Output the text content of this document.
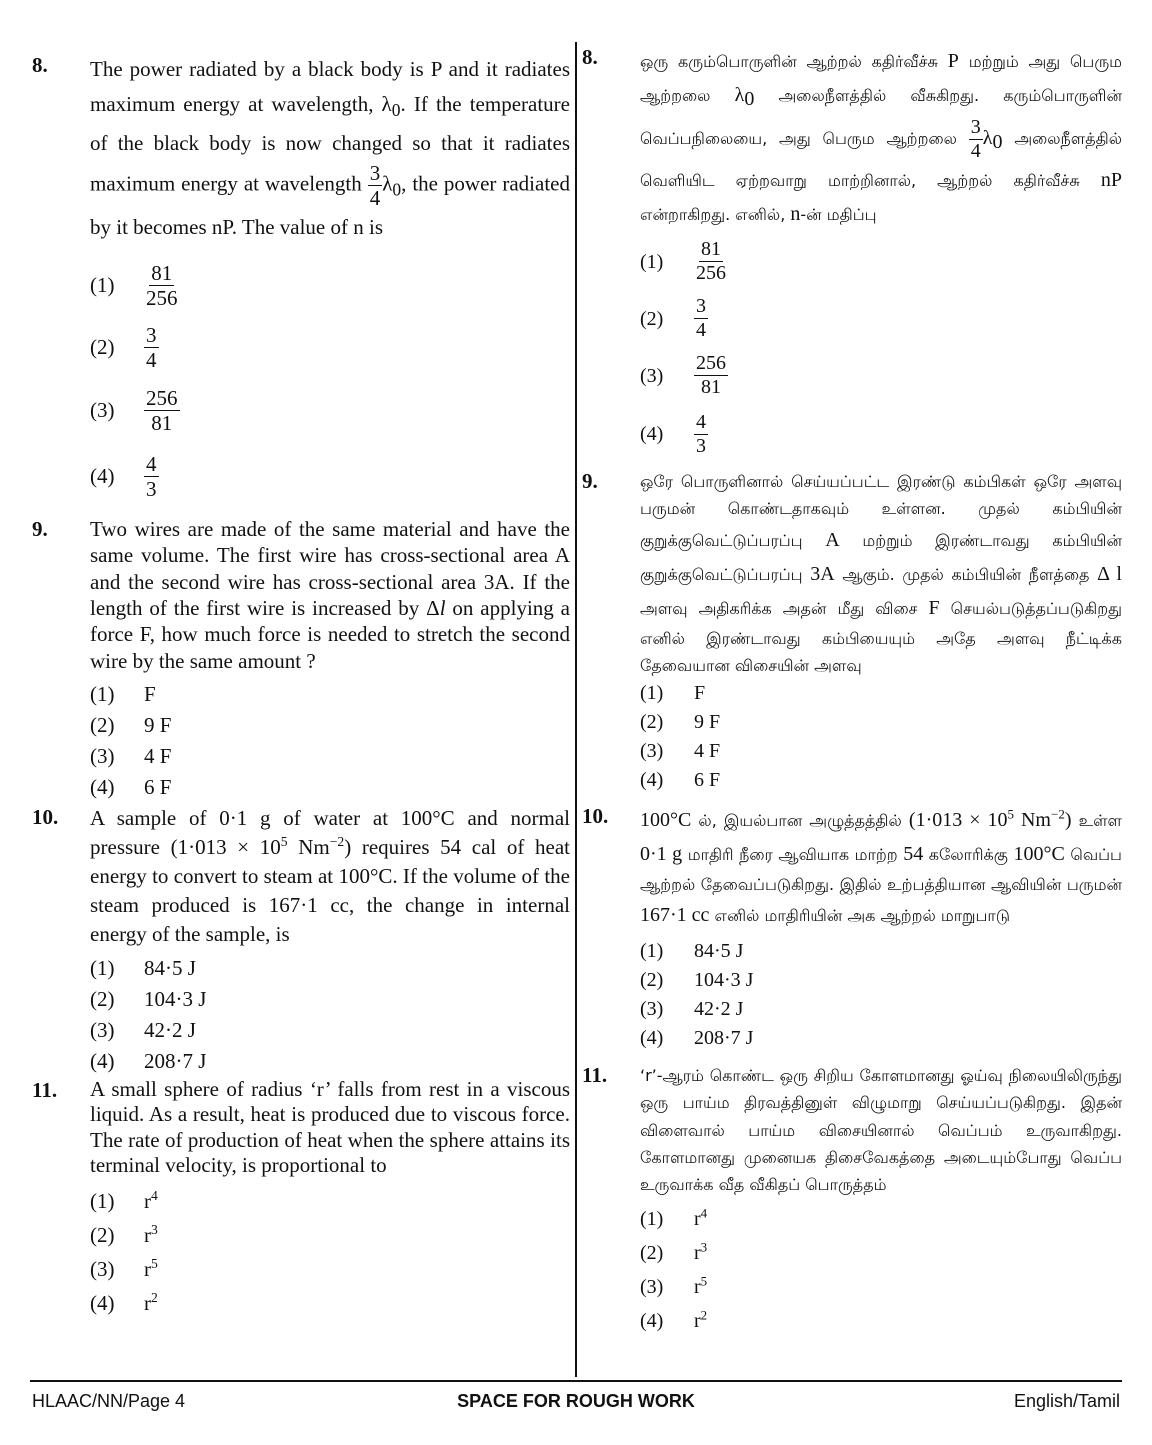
8.	The power radiated by a black body is P and it radiates maximum energy at wavelength, $\lambda_0$. If the temperature of the black body is now changed so that it radiates maximum energy at wavelength $\frac{3}{4} \lambda_0$, the power radiated by it becomes nP. The value of n is
(1)	$\frac{81}{256}$
(2)	$\frac{3}{4}$
(3)	$\frac{256}{81}$
(4)	$\frac{4}{3}$
9.	Two wires are made of the same material and have the same volume. The first wire has cross-sectional area A and the second wire has cross-sectional area 3A. If the length of the first wire is increased by Δl on applying a force F, how much force is needed to stretch the second wire by the same amount ?
(1)	F
(2)	9 F
(3)	4 F
(4)	6 F
10.	A sample of 0·1 g of water at 100°C and normal pressure ($1\cdot 013 \times 10^5$ $Nm^{-2}$) requires 54 cal of heat energy to convert to steam at 100°C. If the volume of the steam produced is 167·1 cc, the change in internal energy of the sample, is
(1)	84·5 J
(2)	104·3 J
(3)	42·2 J
(4)	208·7 J
11.	A small sphere of radius ‘r’ falls from rest in a viscous liquid. As a result, heat is produced due to viscous force. The rate of production of heat when the sphere attains its terminal velocity, is proportional to
(1)	$r^4$
(2)	$r^3$
(3)	$r^5$
(4)	$r^2$
8.	ஒரு கரும்பொருளின் ஆற்றல் கதிர்வீச்சு P மற்றும் அது பெரும ஆற்றலை $\lambda_0$ அலைநீளத்தில் வீசுகிறது. கரும்பொருளின் வெப்பநிலையை, அது பெரும ஆற்றலை $\frac{3}{4} \lambda_0$ அலைநீளத்தில் வெளியிட ஏற்றவாறு மாற்றினால், ஆற்றல் கதிர்வீச்சு nP என்றாகிறது. எனில், n-ன் மதிப்பு
(1)	$\frac{81}{256}$
(2)	$\frac{3}{4}$
(3)	$\frac{256}{81}$
(4)	$\frac{4}{3}$
9.	ஒரே பொருளினால் செய்யப்பட்ட இரண்டு கம்பிகள் ஒரே அளவு பருமன் கொண்டதாகவும் உள்ளன. முதல் கம்பியின் குறுக்குவெட்டுப்பரப்பு A மற்றும் இரண்டாவது கம்பியின் குறுக்குவெட்டுப்பரப்பு 3A ஆகும். முதல் கம்பியின் நீளத்தை Δ l அளவு அதிகரிக்க அதன் மீது விசை F செயல்படுத்தப்படுகிறது எனில் இரண்டாவது கம்பியையும் அதே அளவு நீட்டிக்க தேவையான விசையின் அளவு
(1)	F
(2)	9 F
(3)	4 F
(4)	6 F
10.	100°C ல், இயல்பான அழுத்தத்தில் ($1\cdot 013 \times 10^5$ $Nm^{-2}$) உள்ள 0·1 g மாதிரி நீரை ஆவியாக மாற்ற 54 கலோரிக்கு 100°C வெப்ப ஆற்றல் தேவைப்படுகிறது. இதில் உற்பத்தியான ஆவியின் பருமன் 167·1 cc எனில் மாதிரியின் அக ஆற்றல் மாறுபாடு
(1)	84·5 J
(2)	104·3 J
(3)	42·2 J
(4)	208·7 J
11.	‘r’-ஆரம் கொண்ட ஒரு சிறிய கோளமானது ஓய்வு நிலையிலிருந்து ஒரு பாய்ம திரவத்தினுள் விழுமாறு செய்யப்படுகிறது. இதன் விளைவால் பாய்ம விசையினால் வெப்பம் உருவாகிறது. கோளமானது முனையக திசைவேகத்தை அடையும்போது வெப்ப உருவாக்க வீத வீகிதப் பொருத்தம்
(1)	$r^4$
(2)	$r^3$
(3)	$r^5$
(4)	$r^2$
HLAAC/NN/Page 4	SPACE FOR ROUGH WORK	English/Tamil
